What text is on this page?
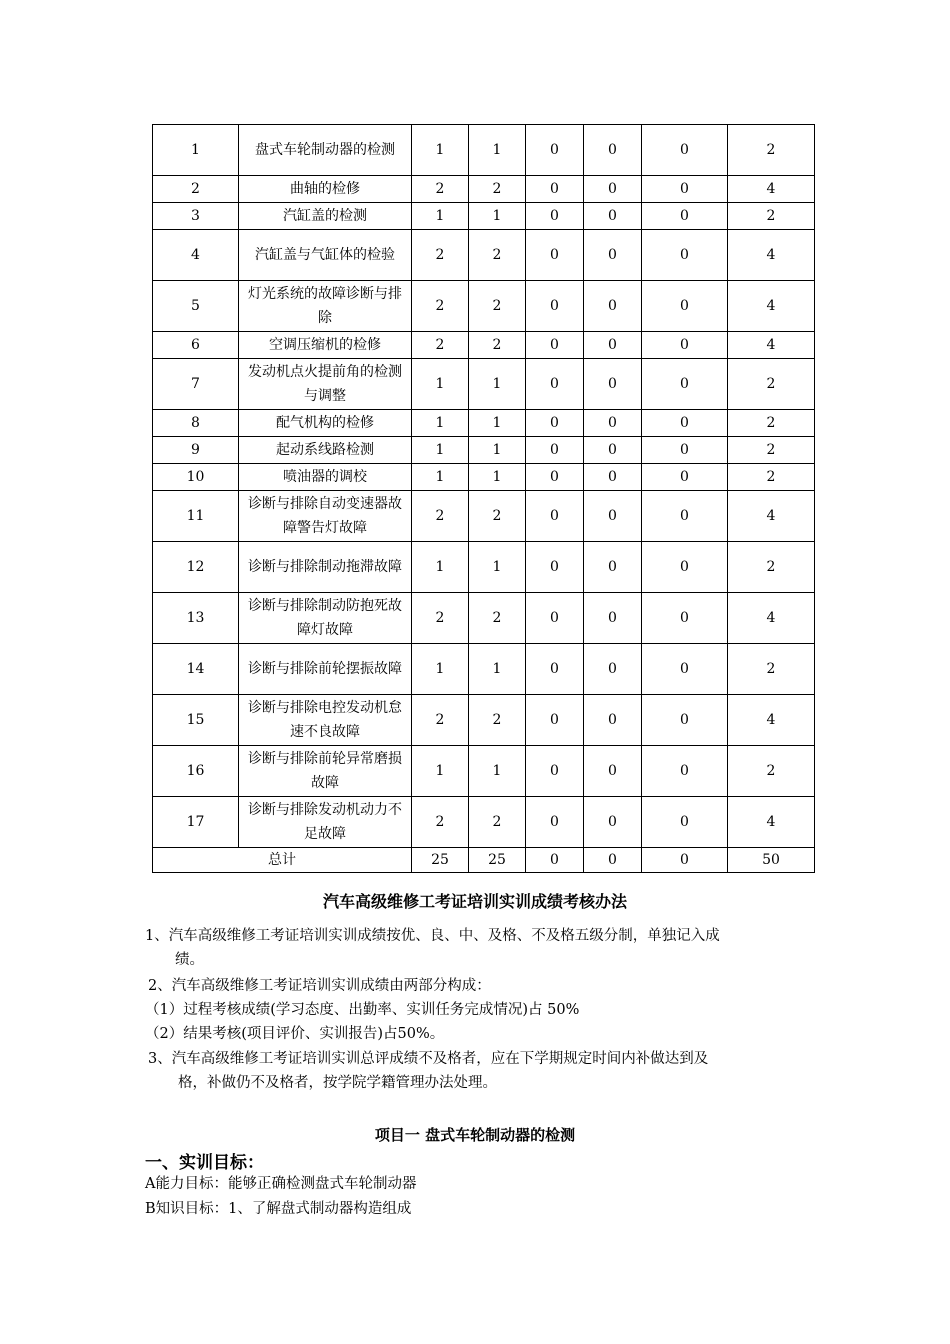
1	盘式车轮制动器的检测	1	1	0	0	0	2
2	曲轴的检修	2	2	0	0	0	4
3	汽缸盖的检测	1	1	0	0	0	2
4	汽缸盖与气缸体的检验	2	2	0	0	0	4
5	灯光系统的故障诊断与排除	2	2	0	0	0	4
6	空调压缩机的检修	2	2	0	0	0	4
7	发动机点火提前角的检测与调整	1	1	0	0	0	2
8	配气机构的检修	1	1	0	0	0	2
9	起动系线路检测	1	1	0	0	0	2
10	喷油器的调校	1	1	0	0	0	2
11	诊断与排除自动变速器故障警告灯故障	2	2	0	0	0	4
12	诊断与排除制动拖滞故障	1	1	0	0	0	2
13	诊断与排除制动防抱死故障灯故障	2	2	0	0	0	4
14	诊断与排除前轮摆振故障	1	1	0	0	0	2
15	诊断与排除电控发动机怠速不良故障	2	2	0	0	0	4
16	诊断与排除前轮异常磨损故障	1	1	0	0	0	2
17	诊断与排除发动机动力不足故障	2	2	0	0	0	4
总计		25	25	0	0	0	50
汽车高级维修工考证培训实训成绩考核办法
1、汽车高级维修工考证培训实训成绩按优、良、中、及格、不及格五级分制，单独记入成
绩。
2、汽车高级维修工考证培训实训成绩由两部分构成：
（1）过程考核成绩(学习态度、出勤率、实训任务完成情况)占 50%
（2）结果考核(项目评价、实训报告)占50%。
3、汽车高级维修工考证培训实训总评成绩不及格者，应在下学期规定时间内补做达到及
格，补做仍不及格者，按学院学籍管理办法处理。
项目一 盘式车轮制动器的检测
一、实训目标：
A能力目标：能够正确检测盘式车轮制动器
B知识目标：1、了解盘式制动器构造组成
